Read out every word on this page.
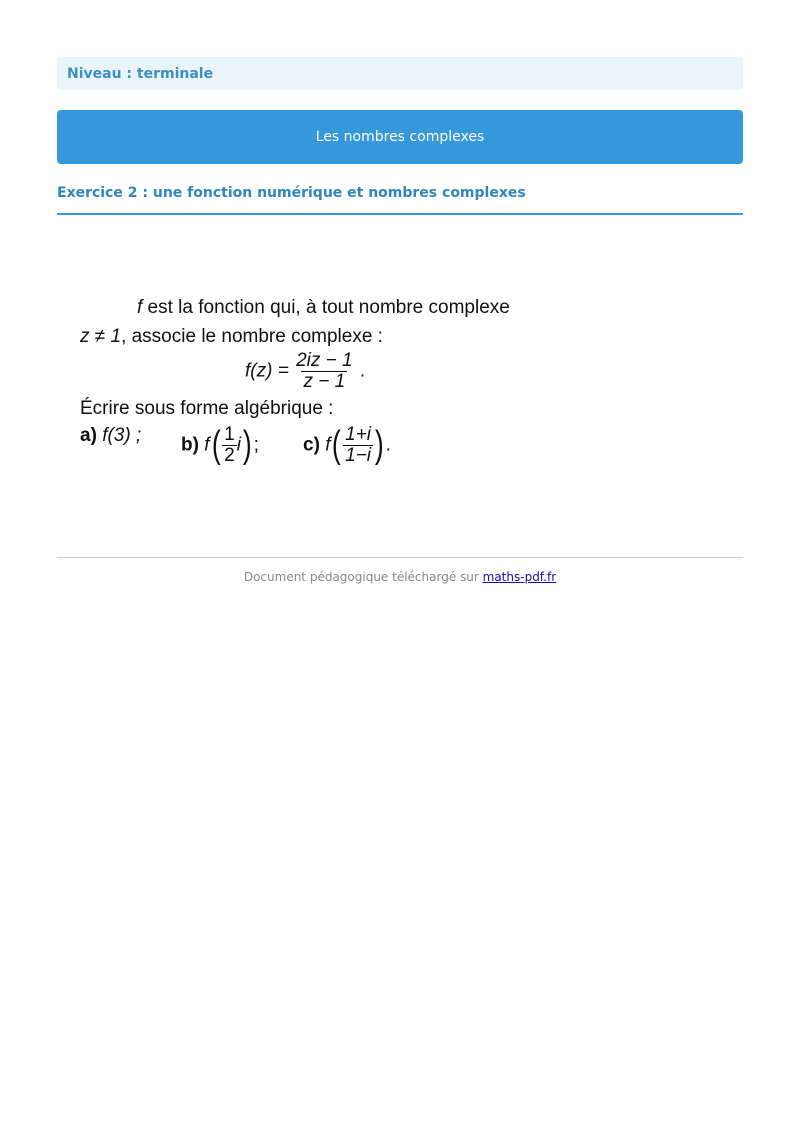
Niveau : terminale
Les nombres complexes
Exercice 2 : une fonction numérique et nombres complexes
f est la fonction qui, à tout nombre complexe
z ≠ 1, associe le nombre complexe :
$f(z) = \frac{2iz - 1}{z - 1}$ .
Écrire sous forme algébrique :
a) f(3) ; b) $f( \frac{1}{2} i)$; c) $f( \frac{1+i}{1-i}$ ).
Document pédagogique téléchargé sur maths-pdf.fr
